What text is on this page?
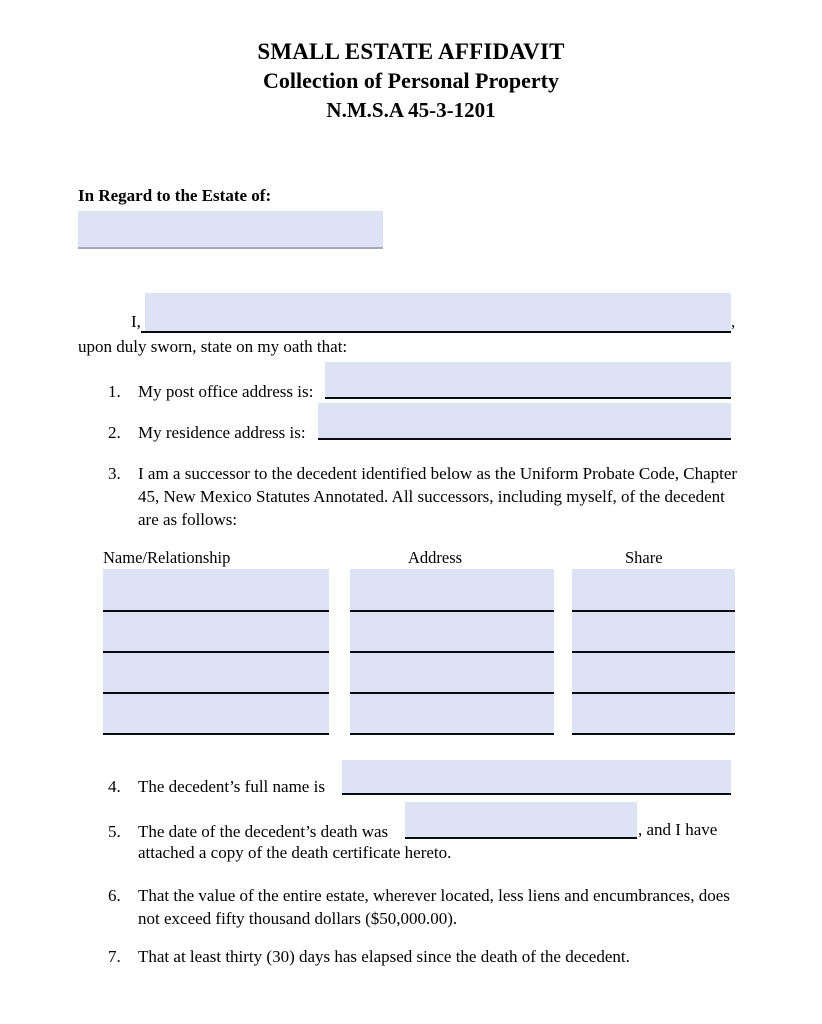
SMALL ESTATE AFFIDAVIT
Collection of Personal Property
N.M.S.A 45-3-1201
In Regard to the Estate of:
I,	,
upon duly sworn, state on my oath that:
1.	My post office address is:
2.	My residence address is:
3.	I am a successor to the decedent identified below as the Uniform Probate Code, Chapter 45, New Mexico Statutes Annotated. All successors, including myself, of the decedent are as follows:
Name/Relationship	Address	Share
4.	The decedent’s full name is
5.	The date of the decedent’s death was	, and I have
attached a copy of the death certificate hereto.
6.	That the value of the entire estate, wherever located, less liens and encumbrances, does not exceed fifty thousand dollars ($50,000.00).
7.	That at least thirty (30) days has elapsed since the death of the decedent.
